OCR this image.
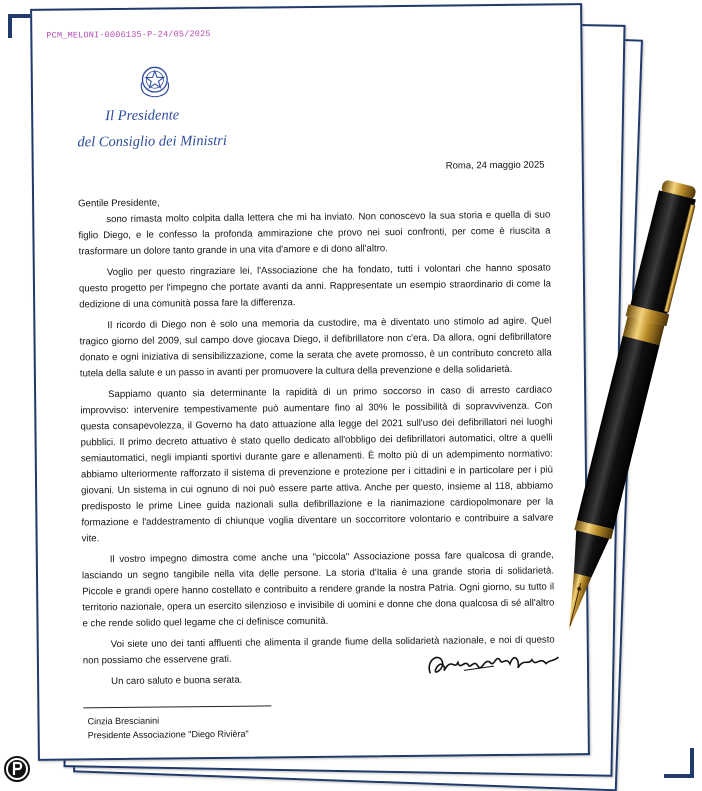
PCM_MELONI-0006135-P-24/05/2025
Il Presidente
del Consiglio dei Ministri
Roma, 24 maggio 2025

Gentile Presidente,

sono rimasta molto colpita dalla lettera che mi ha inviato. Non conoscevo la sua storia e quella di suo figlio Diego, e le confesso la profonda ammirazione che provo nei suoi confronti, per come è riuscita a trasformare un dolore tanto grande in una vita d'amore e di dono all'altro.

Voglio per questo ringraziare lei, l'Associazione che ha fondato, tutti i volontari che hanno sposato questo progetto per l'impegno che portate avanti da anni. Rappresentate un esempio straordinario di come la dedizione di una comunità possa fare la differenza.

Il ricordo di Diego non è solo una memoria da custodire, ma è diventato uno stimolo ad agire. Quel tragico giorno del 2009, sul campo dove giocava Diego, il defibrillatore non c'era. Da allora, ogni defibrillatore donato e ogni iniziativa di sensibilizzazione, come la serata che avete promosso, è un contributo concreto alla tutela della salute e un passo in avanti per promuovere la cultura della prevenzione e della solidarietà.

Sappiamo quanto sia determinante la rapidità di un primo soccorso in caso di arresto cardiaco improvviso: intervenire tempestivamente può aumentare fino al 30% le possibilità di sopravvivenza. Con questa consapevolezza, il Governo ha dato attuazione alla legge del 2021 sull'uso dei defibrillatori nei luoghi pubblici. Il primo decreto attuativo è stato quello dedicato all'obbligo dei defibrillatori automatici, oltre a quelli semiautomatici, negli impianti sportivi durante gare e allenamenti. È molto più di un adempimento normativo: abbiamo ulteriormente rafforzato il sistema di prevenzione e protezione per i cittadini e in particolare per i più giovani. Un sistema in cui ognuno di noi può essere parte attiva. Anche per questo, insieme al 118, abbiamo predisposto le prime Linee guida nazionali sulla defibrillazione e la rianimazione cardiopolmonare per la formazione e l'addestramento di chiunque voglia diventare un soccorritore volontario e contribuire a salvare vite.

Il vostro impegno dimostra come anche una "piccola" Associazione possa fare qualcosa di grande, lasciando un segno tangibile nella vita delle persone. La storia d'Italia è una grande storia di solidarietà. Piccole e grandi opere hanno costellato e contribuito a rendere grande la nostra Patria. Ogni giorno, su tutto il territorio nazionale, opera un esercito silenzioso e invisibile di uomini e donne che dona qualcosa di sé all'altro e che rende solido quel legame che ci definisce comunità.

Voi siete uno dei tanti affluenti che alimenta il grande fiume della solidarietà nazionale, e noi di questo non possiamo che esservene grati.

Un caro saluto e buona serata.

Cinzia Brescianini
Presidente Associazione "Diego Rivièra"
